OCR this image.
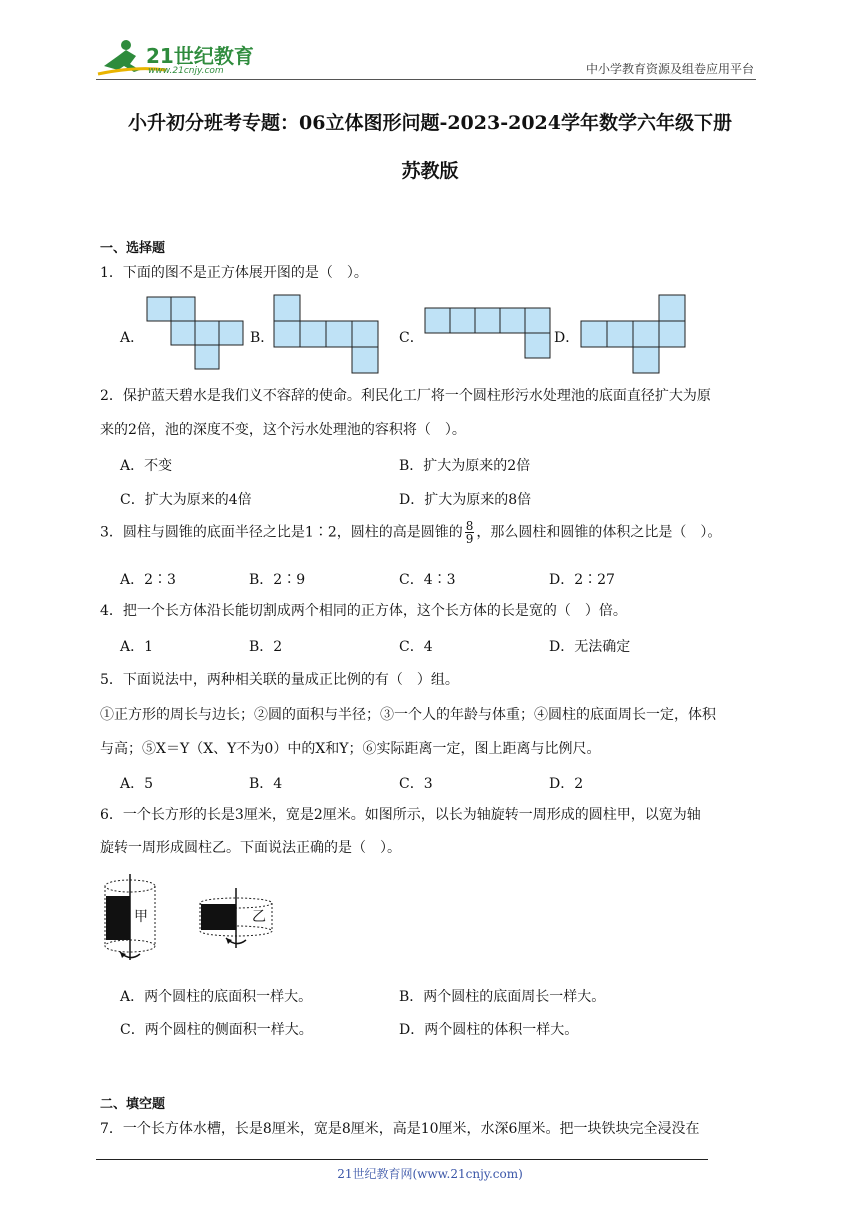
21世纪教育
www.21cnjy.com	中小学教育资源及组卷应用平台
小升初分班考专题：06立体图形问题-2023-2024学年数学六年级下册
苏教版
一、选择题
1．下面的图不是正方体展开图的是（　）。
A．	B．	C．	D．
2．保护蓝天碧水是我们义不容辞的使命。利民化工厂将一个圆柱形污水处理池的底面直径扩大为原
来的2倍，池的深度不变，这个污水处理池的容积将（　）。
A．不变	B．扩大为原来的2倍
C．扩大为原来的4倍	D．扩大为原来的8倍
3．圆柱与圆锥的底面半径之比是1∶2，圆柱的高是圆锥的 $\frac{8}{9}$ ，那么圆柱和圆锥的体积之比是（　）。
A．2∶3	B．2∶9	C．4∶3	D．2∶27
4．把一个长方体沿长能切割成两个相同的正方体，这个长方体的长是宽的（　）倍。
A．1	B．2	C．4	D．无法确定
5．下面说法中，两种相关联的量成正比例的有（　）组。
①正方形的周长与边长；②圆的面积与半径；③一个人的年龄与体重；④圆柱的底面周长一定，体积
与高；⑤X＝Y（X、Y不为0）中的X和Y；⑥实际距离一定，图上距离与比例尺。
A．5	B．4	C．3	D．2
6．一个长方形的长是3厘米，宽是2厘米。如图所示，以长为轴旋转一周形成的圆柱甲，以宽为轴
旋转一周形成圆柱乙。下面说法正确的是（　）。
甲	乙
A．两个圆柱的底面积一样大。	B．两个圆柱的底面周长一样大。
C．两个圆柱的侧面积一样大。	D．两个圆柱的体积一样大。
二、填空题
7．一个长方体水槽，长是8厘米，宽是8厘米，高是10厘米，水深6厘米。把一块铁块完全浸没在
21世纪教育网(www.21cnjy.com)
